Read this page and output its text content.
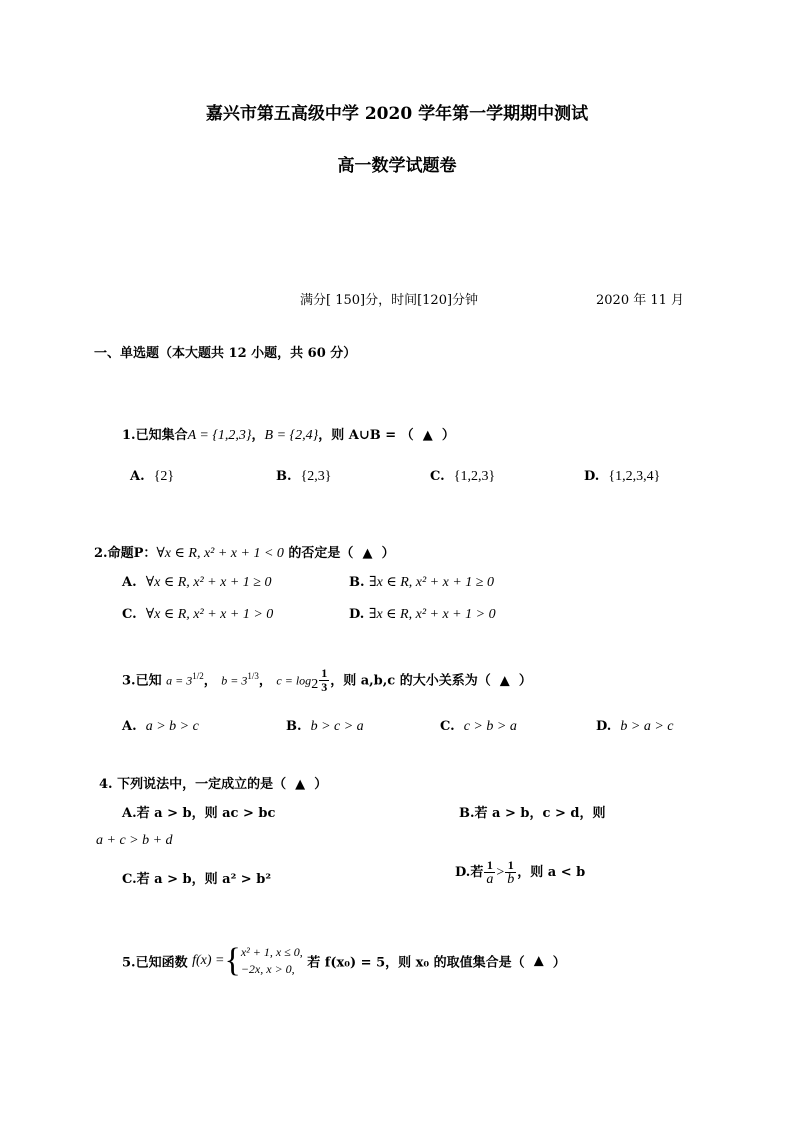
嘉兴市第五高级中学 2020 学年第一学期期中测试
高一数学试题卷
满分[ 150]分，时间[120]分钟	2020 年 11 月
一、单选题（本大题共 12 小题，共 60 分）
1.已知集合A = {1,2,3}，B = {2,4}，则 A∪B = （ ▲ ）
A. {2}	B. {2,3}	C. {1,2,3}	D. {1,2,3,4}
2.命题P：∀x ∈ R, x² + x + 1 < 0 的否定是（ ▲ ）
A. ∀x ∈ R, x² + x + 1 ≥ 0	B. ∃x ∈ R, x² + x + 1 ≥ 0
C. ∀x ∈ R, x² + x + 1 > 0	D. ∃x ∈ R, x² + x + 1 > 0
3.已知 $a = 3^{1/2}$， $b = 3^{1/3}$， $c = \log_2 \frac{1}{3}$ ，则 a,b,c 的大小关系为（ ▲ ）
A. a > b > c	B. b > c > a	C. c > b > a	D. b > a > c
4. 下列说法中，一定成立的是（ ▲ ）
A.若 a > b，则 ac > bc	B.若 a > b，c > d，则
a + c > b + d
C.若 a > b，则 a² > b²	D.若 $\frac{1}{a} > \frac{1}{b}$ ，则 a < b
5.已知函数 f(x) ={ x² + 1, x ≤ 0,
−2x, x > 0, 若 f(x₀) = 5，则 x₀ 的取值集合是（ ▲ ）
